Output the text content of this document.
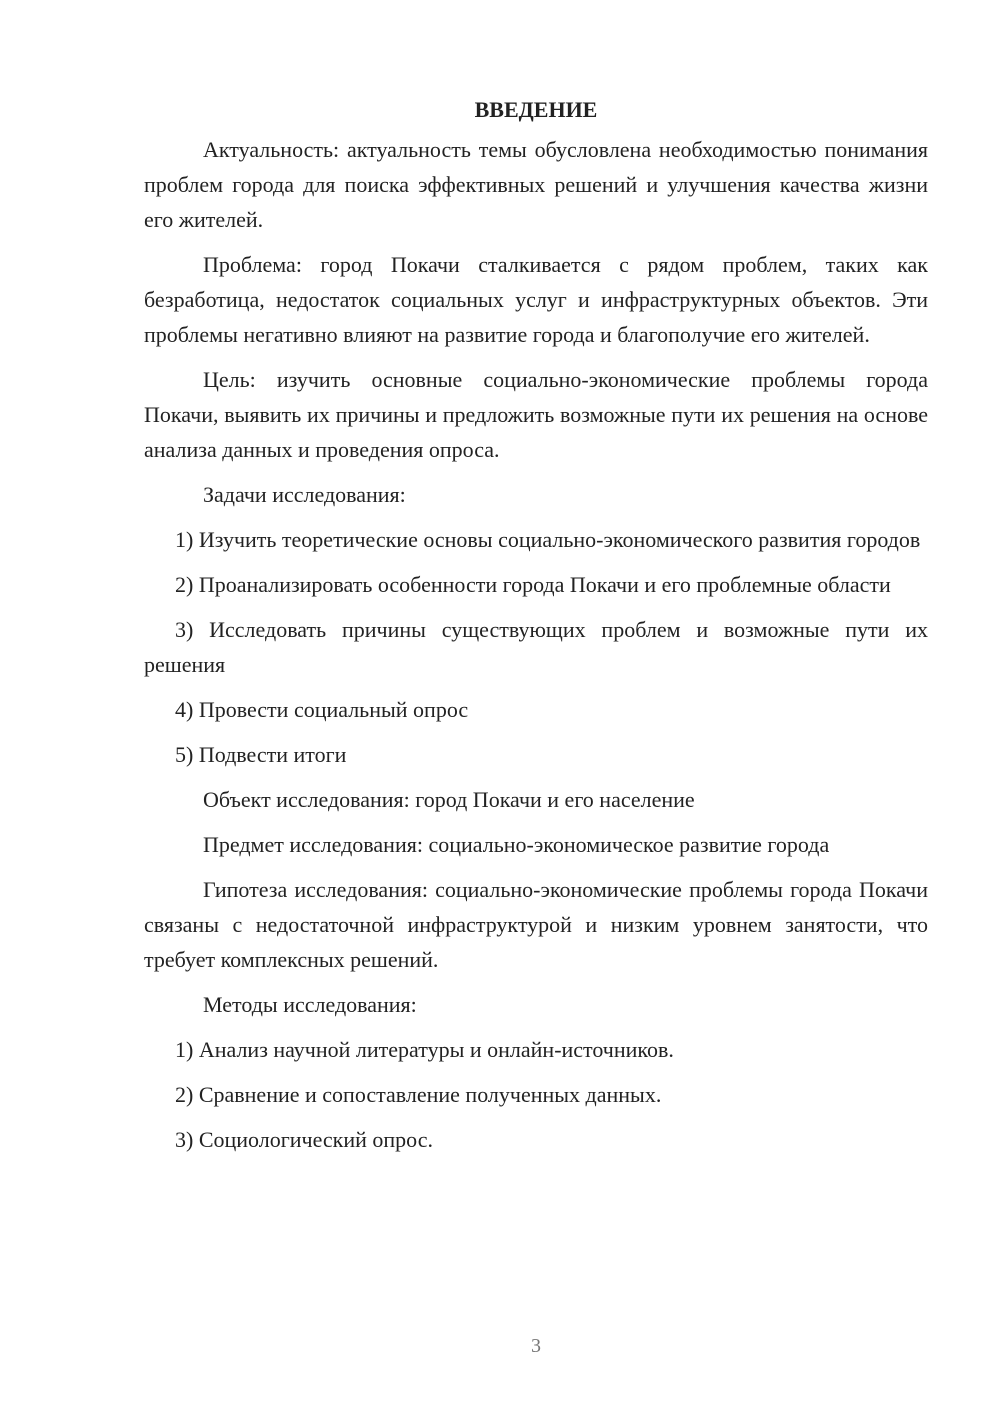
ВВЕДЕНИЕ

Актуальность: актуальность темы обусловлена необходимостью понимания проблем города для поиска эффективных решений и улучшения качества жизни его жителей.

Проблема: город Покачи сталкивается с рядом проблем, таких как безработица, недостаток социальных услуг и инфраструктурных объектов. Эти проблемы негативно влияют на развитие города и благополучие его жителей.

Цель: изучить основные социально-экономические проблемы города Покачи, выявить их причины и предложить возможные пути их решения на основе анализа данных и проведения опроса.

Задачи исследования:

1) Изучить теоретические основы социально-экономического развития городов

2) Проанализировать особенности города Покачи и его проблемные области

3) Исследовать причины существующих проблем и возможные пути их решения

4) Провести социальный опрос

5) Подвести итоги

Объект исследования: город Покачи и его население

Предмет исследования: социально-экономическое развитие города

Гипотеза исследования: социально-экономические проблемы города Покачи связаны с недостаточной инфраструктурой и низким уровнем занятости, что требует комплексных решений.

Методы исследования:

1) Анализ научной литературы и онлайн-источников.

2) Сравнение и сопоставление полученных данных.

3) Социологический опрос.

3
